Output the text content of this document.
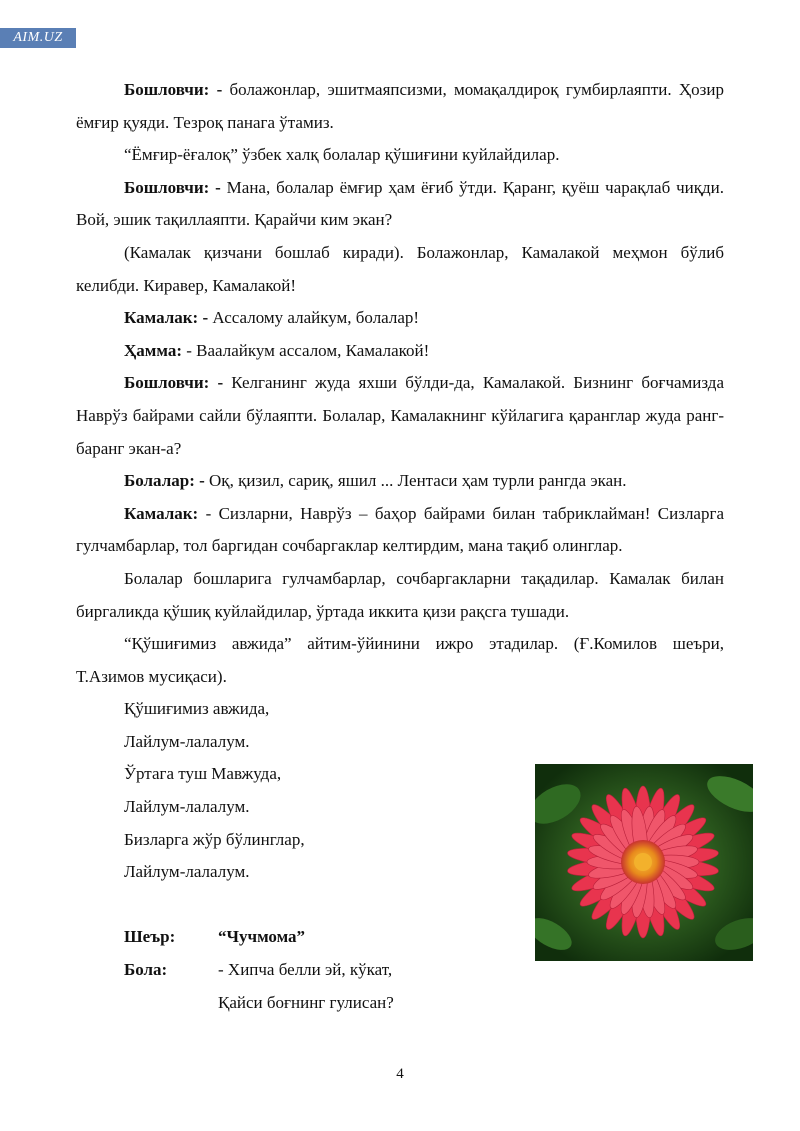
AIM.UZ

Бошловчи: - болажонлар, эшитмаяпсизми, момақалдироқ гумбирлаяпти. Ҳозир ёмғир қуяди. Тезроқ панага ўтамиз.

“Ёмғир-ёғалоқ” ўзбек халқ болалар қўшиғини куйлайдилар.

Бошловчи: - Мана, болалар ёмғир ҳам ёғиб ўтди. Қаранг, қуёш чарақлаб чиқди. Вой, эшик тақиллаяпти. Қарайчи ким экан?

(Камалак қизчани бошлаб киради). Болажонлар, Камалакой меҳмон бўлиб келибди. Киравер, Камалакой!

Камалак: - Ассалому алайкум, болалар!

Ҳамма: - Ваалайкум ассалом, Камалакой!

Бошловчи: - Келганинг жуда яхши бўлди-да, Камалакой. Бизнинг боғчамизда Наврўз байрами сайли бўлаяпти. Болалар, Камалакнинг кўйлагига қаранглар жуда ранг-баранг экан-а?

Болалар: - Оқ, қизил, сариқ, яшил ... Лентаси ҳам турли рангда экан.

Камалак: - Сизларни, Наврўз – баҳор байрами билан табриклайман! Сизларга гулчамбарлар, тол баргидан сочбаргаклар келтирдим, мана тақиб олинглар.

Болалар бошларига гулчамбарлар, сочбаргакларни тақадилар. Камалак билан биргаликда қўшиқ куйлайдилар, ўртада иккита қизи рақсга тушади.

“Қўшиғимиз авжида” айтим-ўйинини ижро этадилар. (Ғ.Комилов шеъри, Т.Азимов мусиқаси).

Қўшиғимиз авжида,
Лайлум-лалалум.
Ўртага туш Мавжуда,
Лайлум-лалалум.
Бизларга жўр бўлинглар,
Лайлум-лалалум.
Шеър:	“Чучмома”
Бола:	- Хипча белли эй, кўкат,
Қайси боғнинг гулисан?
4
